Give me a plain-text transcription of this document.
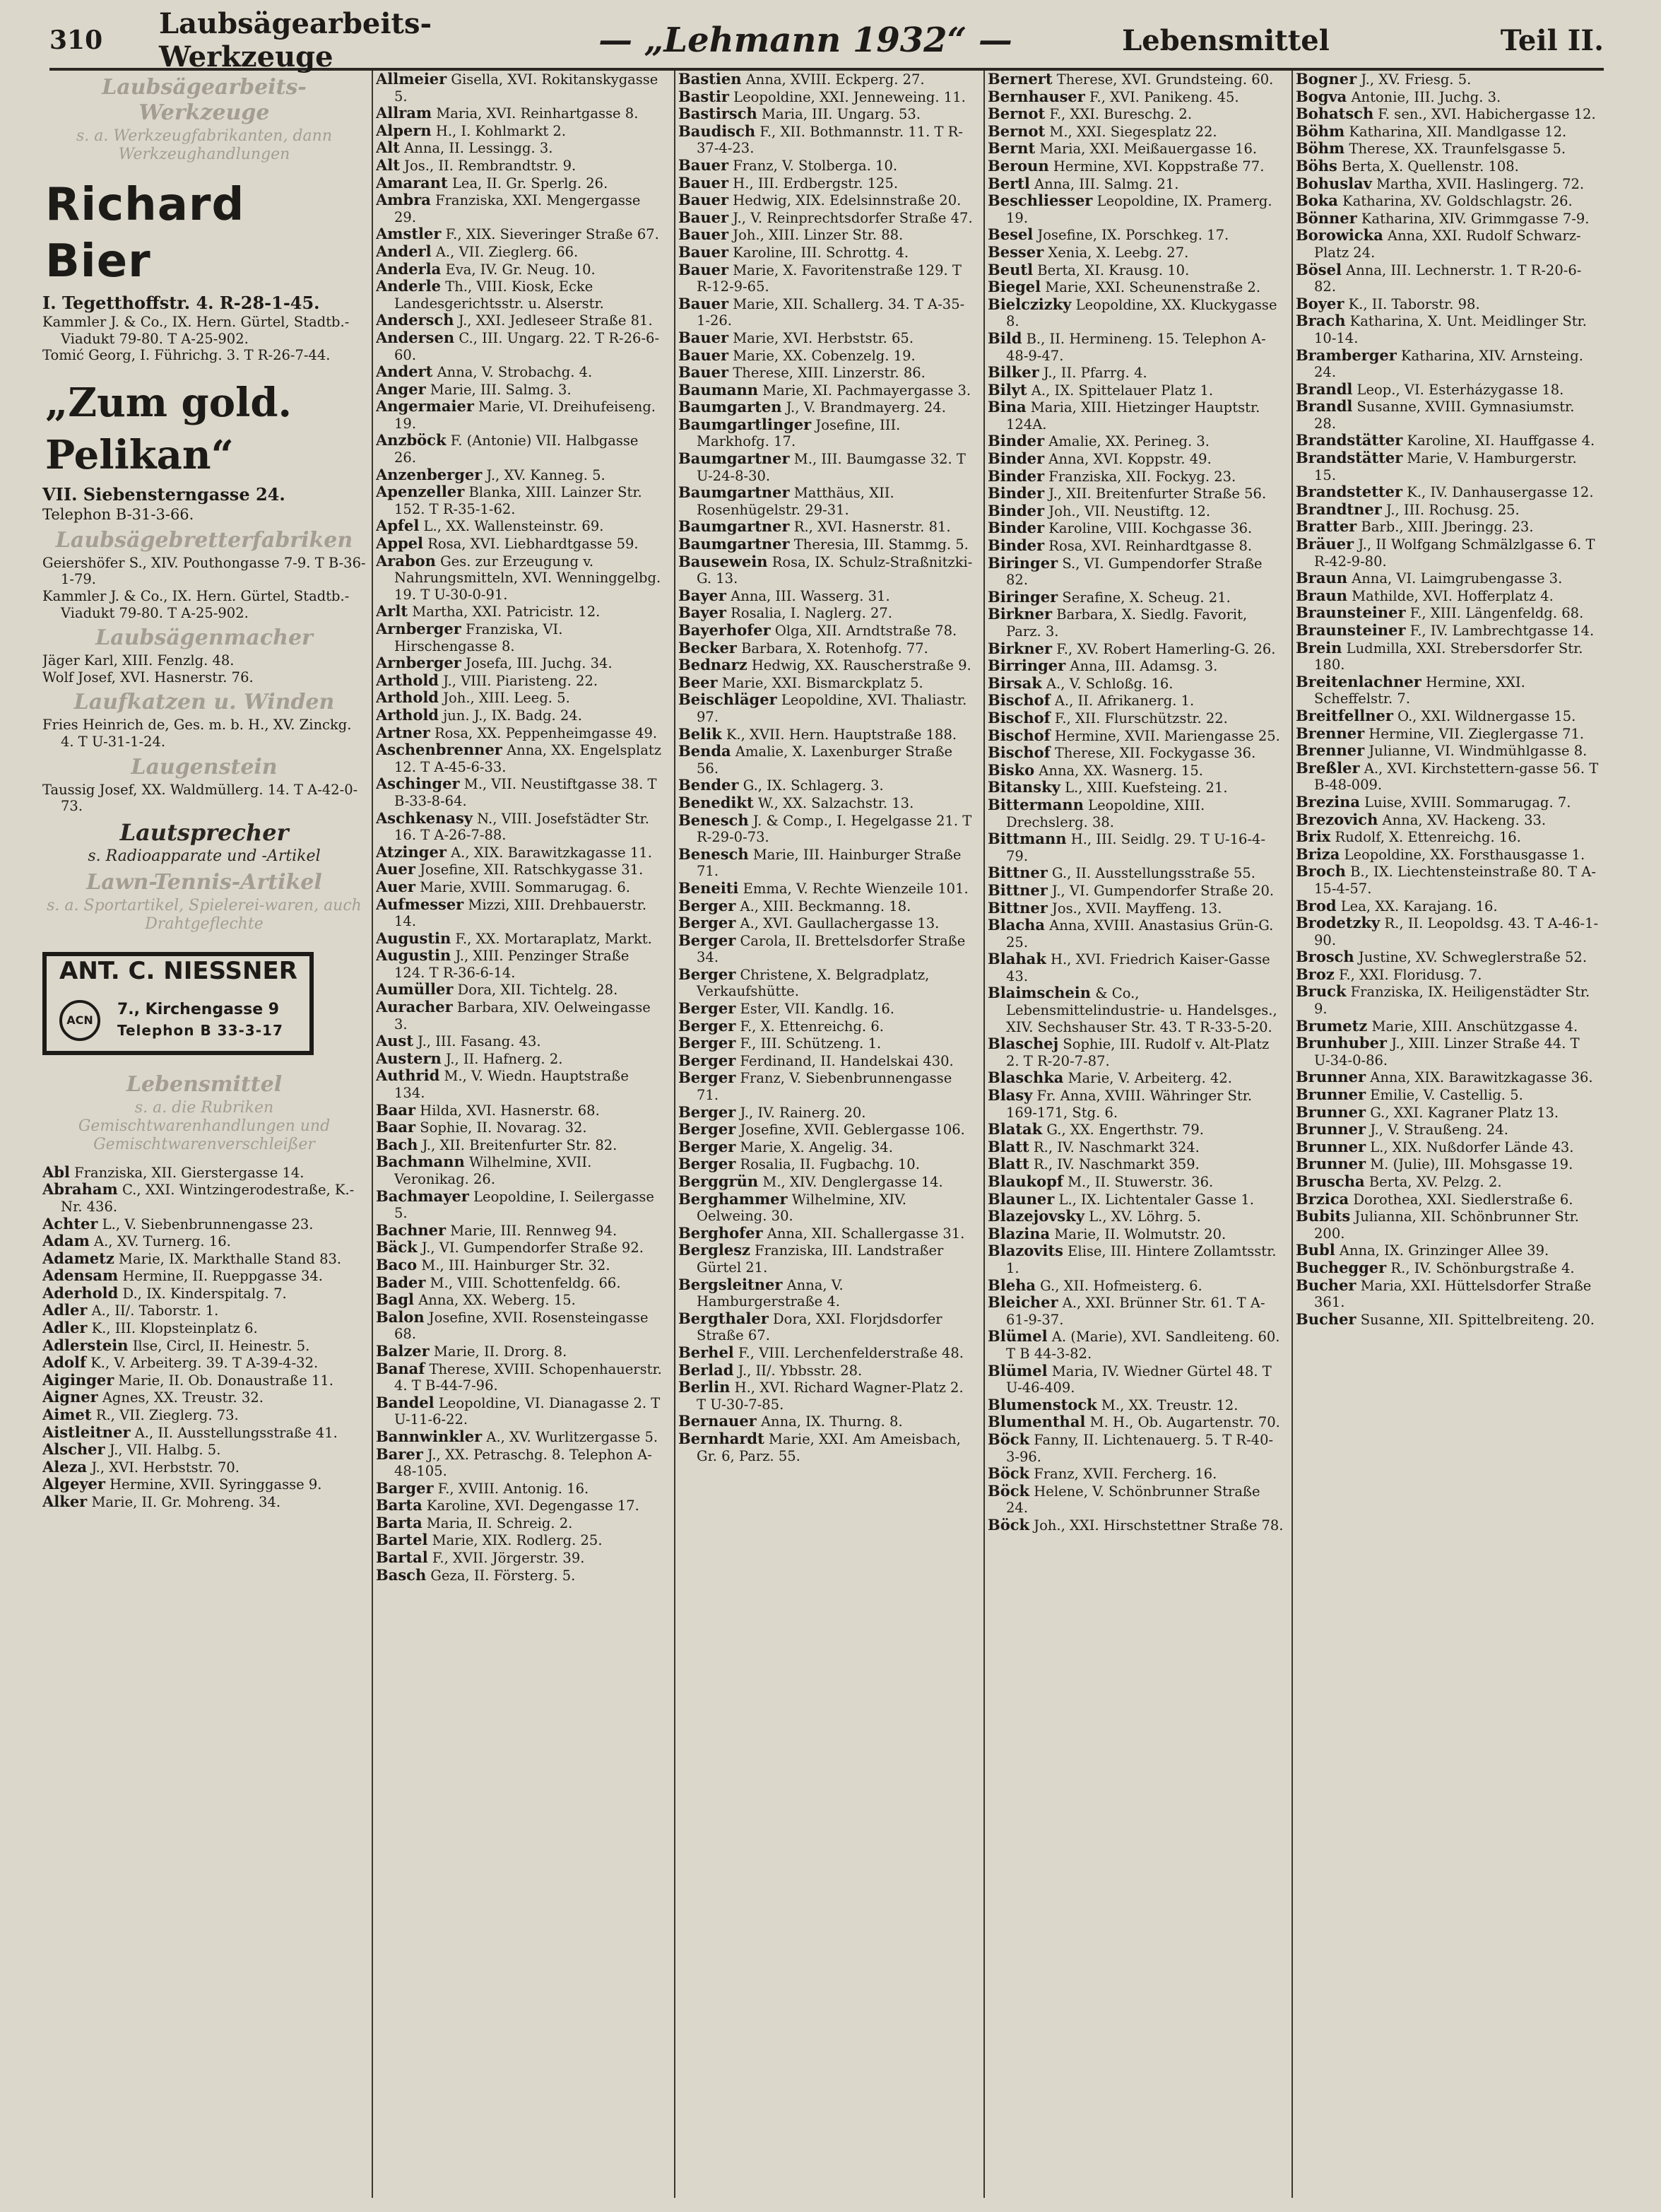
310	Laubsägearbeits-Werkzeuge	— „Lehmann 1932“ —	Lebensmittel	Teil II.
Laubsägearbeits-Werkzeuge
s. a. Werkzeugfabrikanten, dann Werkzeughandlungen
Richard Bier
I. Tegetthoffstr. 4. R-28-1-45.

Kammler J. & Co., IX. Hern. Gürtel, Stadtb.-Viadukt 79-80. T A-25-902.

Tomić Georg, I. Führichg. 3. T R-26-7-44.

„Zum gold. Pelikan“
VII. Siebensterngasse 24.
Telephon B-31-3-66.
Laubsägebretterfabriken

Geiershöfer S., XIV. Pouthongasse 7-9. T B-36-1-79.

Kammler J. & Co., IX. Hern. Gürtel, Stadtb.-Viadukt 79-80. T A-25-902.

Laubsägenmacher

Jäger Karl, XIII. Fenzlg. 48.

Wolf Josef, XVI. Hasnerstr. 76.

Laufkatzen u. Winden

Fries Heinrich de, Ges. m. b. H., XV. Zinckg. 4. T U-31-1-24.

Laugenstein

Taussig Josef, XX. Waldmüllerg. 14. T A-42-0-73.

Lautsprecher
s. Radioapparate und -Artikel
Lawn-Tennis-Artikel
s. a. Sportartikel, Spielerei-waren, auch Drahtgeflechte
ANT. C. NIESSNER
ACN
7., Kirchengasse 9
Telephon B 33-3-17
Lebensmittel
s. a. die Rubriken Gemischtwarenhandlungen und Gemischtwarenverschleißer

Abl Franziska, XII. Gierstergasse 14.

Abraham C., XXI. Wintzingerodestraße, K.-Nr. 436.

Achter L., V. Siebenbrunnengasse 23.

Adam A., XV. Turnerg. 16.

Adametz Marie, IX. Markthalle Stand 83.

Adensam Hermine, II. Rueppgasse 34.

Aderhold D., IX. Kinderspitalg. 7.

Adler A., II/. Taborstr. 1.

Adler K., III. Klopsteinplatz 6.

Adlerstein Ilse, Circl, II. Heinestr. 5.

Adolf K., V. Arbeiterg. 39. T A-39-4-32.

Aiginger Marie, II. Ob. Donaustraße 11.

Aigner Agnes, XX. Treustr. 32.

Aimet R., VII. Zieglerg. 73.

Aistleitner A., II. Ausstellungsstraße 41.

Alscher J., VII. Halbg. 5.

Aleza J., XVI. Herbststr. 70.

Algeyer Hermine, XVII. Syringgasse 9.

Alker Marie, II. Gr. Mohreng. 34.

Allmeier Gisella, XVI. Rokitanskygasse 5.

Allram Maria, XVI. Reinhartgasse 8.

Alpern H., I. Kohlmarkt 2.

Alt Anna, II. Lessingg. 3.

Alt Jos., II. Rembrandtstr. 9.

Amarant Lea, II. Gr. Sperlg. 26.

Ambra Franziska, XXI. Mengergasse 29.

Amstler F., XIX. Sieveringer Straße 67.

Anderl A., VII. Zieglerg. 66.

Anderla Eva, IV. Gr. Neug. 10.

Anderle Th., VIII. Kiosk, Ecke Landesgerichtsstr. u. Alserstr.

Andersch J., XXI. Jedleseer Straße 81.

Andersen C., III. Ungarg. 22. T R-26-6-60.

Andert Anna, V. Strobachg. 4.

Anger Marie, III. Salmg. 3.

Angermaier Marie, VI. Dreihufeiseng. 19.

Anzböck F. (Antonie) VII. Halbgasse 26.

Anzenberger J., XV. Kanneg. 5.

Apenzeller Blanka, XIII. Lainzer Str. 152. T R-35-1-62.

Apfel L., XX. Wallensteinstr. 69.

Appel Rosa, XVI. Liebhardtgasse 59.

Arabon Ges. zur Erzeugung v. Nahrungsmitteln, XVI. Wenninggelbg. 19. T U-30-0-91.

Arlt Martha, XXI. Patricistr. 12.

Arnberger Franziska, VI. Hirschengasse 8.

Arnberger Josefa, III. Juchg. 34.

Arthold J., VIII. Piaristeng. 22.

Arthold Joh., XIII. Leeg. 5.

Arthold jun. J., IX. Badg. 24.

Artner Rosa, XX. Peppenheimgasse 49.

Aschenbrenner Anna, XX. Engelsplatz 12. T A-45-6-33.

Aschinger M., VII. Neustiftgasse 38. T B-33-8-64.

Aschkenasy N., VIII. Josefstädter Str. 16. T A-26-7-88.

Atzinger A., XIX. Barawitzkagasse 11.

Auer Josefine, XII. Ratschkygasse 31.

Auer Marie, XVIII. Sommarugag. 6.

Aufmesser Mizzi, XIII. Drehbauerstr. 14.

Augustin F., XX. Mortaraplatz, Markt.

Augustin J., XIII. Penzinger Straße 124. T R-36-6-14.

Aumüller Dora, XII. Tichtelg. 28.

Auracher Barbara, XIV. Oelweingasse 3.

Aust J., III. Fasang. 43.

Austern J., II. Hafnerg. 2.

Authrid M., V. Wiedn. Hauptstraße 134.

Baar Hilda, XVI. Hasnerstr. 68.

Baar Sophie, II. Novarag. 32.

Bach J., XII. Breitenfurter Str. 82.

Bachmann Wilhelmine, XVII. Veronikag. 26.

Bachmayer Leopoldine, I. Seilergasse 5.

Bachner Marie, III. Rennweg 94.

Bäck J., VI. Gumpendorfer Straße 92.

Baco M., III. Hainburger Str. 32.

Bader M., VIII. Schottenfeldg. 66.

Bagl Anna, XX. Weberg. 15.

Balon Josefine, XVII. Rosensteingasse 68.

Balzer Marie, II. Drorg. 8.

Banaf Therese, XVIII. Schopenhauerstr. 4. T B-44-7-96.

Bandel Leopoldine, VI. Dianagasse 2. T U-11-6-22.

Bannwinkler A., XV. Wurlitzergasse 5.

Barer J., XX. Petraschg. 8. Telephon A-48-105.

Barger F., XVIII. Antonig. 16.

Barta Karoline, XVI. Degengasse 17.

Barta Maria, II. Schreig. 2.

Bartel Marie, XIX. Rodlerg. 25.

Bartal F., XVII. Jörgerstr. 39.

Basch Geza, II. Försterg. 5.

Bastien Anna, XVIII. Eckperg. 27.

Bastir Leopoldine, XXI. Jenneweing. 11.

Bastirsch Maria, III. Ungarg. 53.

Baudisch F., XII. Bothmannstr. 11. T R-37-4-23.

Bauer Franz, V. Stolberga. 10.

Bauer H., III. Erdbergstr. 125.

Bauer Hedwig, XIX. Edelsinnstraße 20.

Bauer J., V. Reinprechtsdorfer Straße 47.

Bauer Joh., XIII. Linzer Str. 88.

Bauer Karoline, III. Schrottg. 4.

Bauer Marie, X. Favoritenstraße 129. T R-12-9-65.

Bauer Marie, XII. Schallerg. 34. T A-35-1-26.

Bauer Marie, XVI. Herbststr. 65.

Bauer Marie, XX. Cobenzelg. 19.

Bauer Therese, XIII. Linzerstr. 86.

Baumann Marie, XI. Pachmayergasse 3.

Baumgarten J., V. Brandmayerg. 24.

Baumgartlinger Josefine, III. Markhofg. 17.

Baumgartner M., III. Baumgasse 32. T U-24-8-30.

Baumgartner Matthäus, XII. Rosenhügelstr. 29-31.

Baumgartner R., XVI. Hasnerstr. 81.

Baumgartner Theresia, III. Stammg. 5.

Bausewein Rosa, IX. Schulz-Straßnitzki-G. 13.

Bayer Anna, III. Wasserg. 31.

Bayer Rosalia, I. Naglerg. 27.

Bayerhofer Olga, XII. Arndtstraße 78.

Becker Barbara, X. Rotenhofg. 77.

Bednarz Hedwig, XX. Rauscherstraße 9.

Beer Marie, XXI. Bismarckplatz 5.

Beischläger Leopoldine, XVI. Thaliastr. 97.

Belik K., XVII. Hern. Hauptstraße 188.

Benda Amalie, X. Laxenburger Straße 56.

Bender G., IX. Schlagerg. 3.

Benedikt W., XX. Salzachstr. 13.

Benesch J. & Comp., I. Hegelgasse 21. T R-29-0-73.

Benesch Marie, III. Hainburger Straße 71.

Beneiti Emma, V. Rechte Wienzeile 101.

Berger A., XIII. Beckmanng. 18.

Berger A., XVI. Gaullachergasse 13.

Berger Carola, II. Brettelsdorfer Straße 34.

Berger Christene, X. Belgradplatz, Verkaufshütte.

Berger Ester, VII. Kandlg. 16.

Berger F., X. Ettenreichg. 6.

Berger F., III. Schützeng. 1.

Berger Ferdinand, II. Handelskai 430.

Berger Franz, V. Siebenbrunnengasse 71.

Berger J., IV. Rainerg. 20.

Berger Josefine, XVII. Geblergasse 106.

Berger Marie, X. Angelig. 34.

Berger Rosalia, II. Fugbachg. 10.

Berggrün M., XIV. Denglergasse 14.

Berghammer Wilhelmine, XIV. Oelweing. 30.

Berghofer Anna, XII. Schallergasse 31.

Berglesz Franziska, III. Landstraßer Gürtel 21.

Bergsleitner Anna, V. Hamburgerstraße 4.

Bergthaler Dora, XXI. Florjdsdorfer Straße 67.

Berhel F., VIII. Lerchenfelderstraße 48.

Berlad J., II/. Ybbsstr. 28.

Berlin H., XVI. Richard Wagner-Platz 2. T U-30-7-85.

Bernauer Anna, IX. Thurng. 8.

Bernhardt Marie, XXI. Am Ameisbach, Gr. 6, Parz. 55.

Bernert Therese, XVI. Grundsteing. 60.

Bernhauser F., XVI. Panikeng. 45.

Bernot F., XXI. Bureschg. 2.

Bernot M., XXI. Siegesplatz 22.

Bernt Maria, XXI. Meißauergasse 16.

Beroun Hermine, XVI. Koppstraße 77.

Bertl Anna, III. Salmg. 21.

Beschliesser Leopoldine, IX. Pramerg. 19.

Besel Josefine, IX. Porschkeg. 17.

Besser Xenia, X. Leebg. 27.

Beutl Berta, XI. Krausg. 10.

Biegel Marie, XXI. Scheunenstraße 2.

Bielczizky Leopoldine, XX. Kluckygasse 8.

Bild B., II. Hermineng. 15. Telephon A-48-9-47.

Bilker J., II. Pfarrg. 4.

Bilyt A., IX. Spittelauer Platz 1.

Bina Maria, XIII. Hietzinger Hauptstr. 124A.

Binder Amalie, XX. Perineg. 3.

Binder Anna, XVI. Koppstr. 49.

Binder Franziska, XII. Fockyg. 23.

Binder J., XII. Breitenfurter Straße 56.

Binder Joh., VII. Neustiftg. 12.

Binder Karoline, VIII. Kochgasse 36.

Binder Rosa, XVI. Reinhardtgasse 8.

Biringer S., VI. Gumpendorfer Straße 82.

Biringer Serafine, X. Scheug. 21.

Birkner Barbara, X. Siedlg. Favorit, Parz. 3.

Birkner F., XV. Robert Hamerling-G. 26.

Birringer Anna, III. Adamsg. 3.

Birsak A., V. Schloßg. 16.

Bischof A., II. Afrikanerg. 1.

Bischof F., XII. Flurschützstr. 22.

Bischof Hermine, XVII. Mariengasse 25.

Bischof Therese, XII. Fockygasse 36.

Bisko Anna, XX. Wasnerg. 15.

Bitansky L., XIII. Kuefsteing. 21.

Bittermann Leopoldine, XIII. Drechslerg. 38.

Bittmann H., III. Seidlg. 29. T U-16-4-79.

Bittner G., II. Ausstellungsstraße 55.

Bittner J., VI. Gumpendorfer Straße 20.

Bittner Jos., XVII. Mayffeng. 13.

Blacha Anna, XVIII. Anastasius Grün-G. 25.

Blahak H., XVI. Friedrich Kaiser-Gasse 43.

Blaimschein & Co., Lebensmittelindustrie- u. Handelsges., XIV. Sechshauser Str. 43. T R-33-5-20.

Blaschej Sophie, III. Rudolf v. Alt-Platz 2. T R-20-7-87.

Blaschka Marie, V. Arbeiterg. 42.

Blasy Fr. Anna, XVIII. Währinger Str. 169-171, Stg. 6.

Blatak G., XX. Engerthstr. 79.

Blatt R., IV. Naschmarkt 324.

Blatt R., IV. Naschmarkt 359.

Blaukopf M., II. Stuwerstr. 36.

Blauner L., IX. Lichtentaler Gasse 1.

Blazejovsky L., XV. Löhrg. 5.

Blazina Marie, II. Wolmutstr. 20.

Blazovits Elise, III. Hintere Zollamtsstr. 1.

Bleha G., XII. Hofmeisterg. 6.

Bleicher A., XXI. Brünner Str. 61. T A-61-9-37.

Blümel A. (Marie), XVI. Sandleiteng. 60. T B 44-3-82.

Blümel Maria, IV. Wiedner Gürtel 48. T U-46-409.

Blumenstock M., XX. Treustr. 12.

Blumenthal M. H., Ob. Augartenstr. 70.

Böck Fanny, II. Lichtenauerg. 5. T R-40-3-96.

Böck Franz, XVII. Fercherg. 16.

Böck Helene, V. Schönbrunner Straße 24.

Böck Joh., XXI. Hirschstettner Straße 78.

Bogner J., XV. Friesg. 5.

Bogva Antonie, III. Juchg. 3.

Bohatsch F. sen., XVI. Habichergasse 12.

Böhm Katharina, XII. Mandlgasse 12.

Böhm Therese, XX. Traunfelsgasse 5.

Böhs Berta, X. Quellenstr. 108.

Bohuslav Martha, XVII. Haslingerg. 72.

Boka Katharina, XV. Goldschlagstr. 26.

Bönner Katharina, XIV. Grimmgasse 7-9.

Borowicka Anna, XXI. Rudolf Schwarz-Platz 24.

Bösel Anna, III. Lechnerstr. 1. T R-20-6-82.

Boyer K., II. Taborstr. 98.

Brach Katharina, X. Unt. Meidlinger Str. 10-14.

Bramberger Katharina, XIV. Arnsteing. 24.

Brandl Leop., VI. Esterházygasse 18.

Brandl Susanne, XVIII. Gymnasiumstr. 28.

Brandstätter Karoline, XI. Hauffgasse 4.

Brandstätter Marie, V. Hamburgerstr. 15.

Brandstetter K., IV. Danhausergasse 12.

Brandtner J., III. Rochusg. 25.

Bratter Barb., XIII. Jberingg. 23.

Bräuer J., II Wolfgang Schmälzlgasse 6. T R-42-9-80.

Braun Anna, VI. Laimgrubengasse 3.

Braun Mathilde, XVI. Hofferplatz 4.

Braunsteiner F., XIII. Längenfeldg. 68.

Braunsteiner F., IV. Lambrechtgasse 14.

Brein Ludmilla, XXI. Strebersdorfer Str. 180.

Breitenlachner Hermine, XXI. Scheffelstr. 7.

Breitfellner O., XXI. Wildnergasse 15.

Brenner Hermine, VII. Zieglergasse 71.

Brenner Julianne, VI. Windmühlgasse 8.

Breßler A., XVI. Kirchstettern-gasse 56. T B-48-009.

Brezina Luise, XVIII. Sommarugag. 7.

Brezovich Anna, XV. Hackeng. 33.

Brix Rudolf, X. Ettenreichg. 16.

Briza Leopoldine, XX. Forsthausgasse 1.

Broch B., IX. Liechtensteinstraße 80. T A-15-4-57.

Brod Lea, XX. Karajang. 16.

Brodetzky R., II. Leopoldsg. 43. T A-46-1-90.

Brosch Justine, XV. Schweglerstraße 52.

Broz F., XXI. Floridusg. 7.

Bruck Franziska, IX. Heiligenstädter Str. 9.

Brumetz Marie, XIII. Anschützgasse 4.

Brunhuber J., XIII. Linzer Straße 44. T U-34-0-86.

Brunner Anna, XIX. Barawitzkagasse 36.

Brunner Emilie, V. Castellig. 5.

Brunner G., XXI. Kagraner Platz 13.

Brunner J., V. Straußeng. 24.

Brunner L., XIX. Nußdorfer Lände 43.

Brunner M. (Julie), III. Mohsgasse 19.

Bruscha Berta, XV. Pelzg. 2.

Brzica Dorothea, XXI. Siedlerstraße 6.

Bubits Julianna, XII. Schönbrunner Str. 200.

Bubl Anna, IX. Grinzinger Allee 39.

Buchegger R., IV. Schönburgstraße 4.

Bucher Maria, XXI. Hüttelsdorfer Straße 361.

Bucher Susanne, XII. Spittelbreiteng. 20.
